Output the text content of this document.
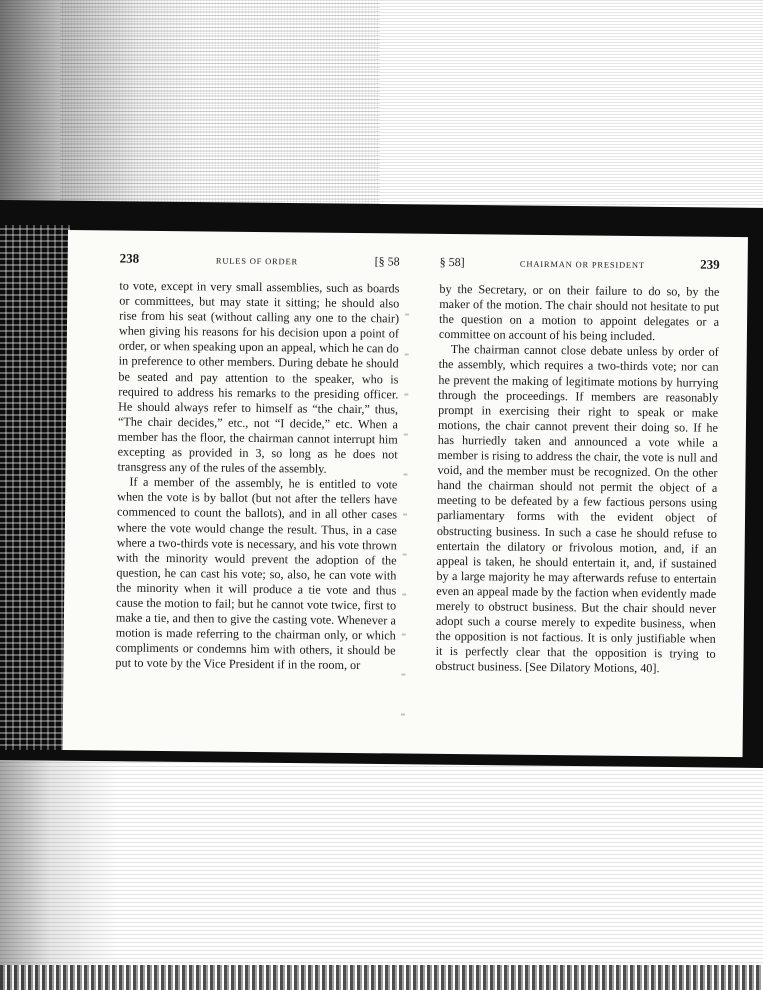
238	RULES OF ORDER	[§ 58

to vote, except in very small assemblies, such as boards or committees, but may state it sitting; he should also rise from his seat (without calling any one to the chair) when giving his reasons for his decision upon a point of order, or when speaking upon an appeal, which he can do in preference to other members. During debate he should be seated and pay attention to the speaker, who is required to address his remarks to the presiding officer. He should always refer to himself as “the chair,” thus, “The chair decides,” etc., not “I decide,” etc. When a member has the floor, the chairman cannot interrupt him excepting as provided in 3, so long as he does not transgress any of the rules of the assembly.

If a member of the assembly, he is entitled to vote when the vote is by ballot (but not after the tellers have commenced to count the ballots), and in all other cases where the vote would change the result. Thus, in a case where a two-thirds vote is necessary, and his vote thrown with the minority would prevent the adoption of the question, he can cast his vote; so, also, he can vote with the minority when it will produce a tie vote and thus cause the motion to fail; but he cannot vote twice, first to make a tie, and then to give the casting vote. Whenever a motion is made referring to the chairman only, or which compliments or condemns him with others, it should be put to vote by the Vice President if in the room, or

§ 58]	CHAIRMAN OR PRESIDENT	239

by the Secretary, or on their failure to do so, by the maker of the motion. The chair should not hesitate to put the question on a motion to appoint delegates or a committee on account of his being included.

The chairman cannot close debate unless by order of the assembly, which requires a two-thirds vote; nor can he prevent the making of legitimate motions by hurrying through the proceedings. If members are reasonably prompt in exercising their right to speak or make motions, the chair cannot prevent their doing so. If he has hurriedly taken and announced a vote while a member is rising to address the chair, the vote is null and void, and the member must be recognized. On the other hand the chairman should not permit the object of a meeting to be defeated by a few factious persons using parliamentary forms with the evident object of obstructing business. In such a case he should refuse to entertain the dilatory or frivolous motion, and, if an appeal is taken, he should entertain it, and, if sustained by a large majority he may afterwards refuse to entertain even an appeal made by the faction when evidently made merely to obstruct business. But the chair should never adopt such a course merely to expedite business, when the opposition is not factious. It is only justifiable when it is perfectly clear that the opposition is trying to obstruct business. [See Dilatory Motions, 40].
